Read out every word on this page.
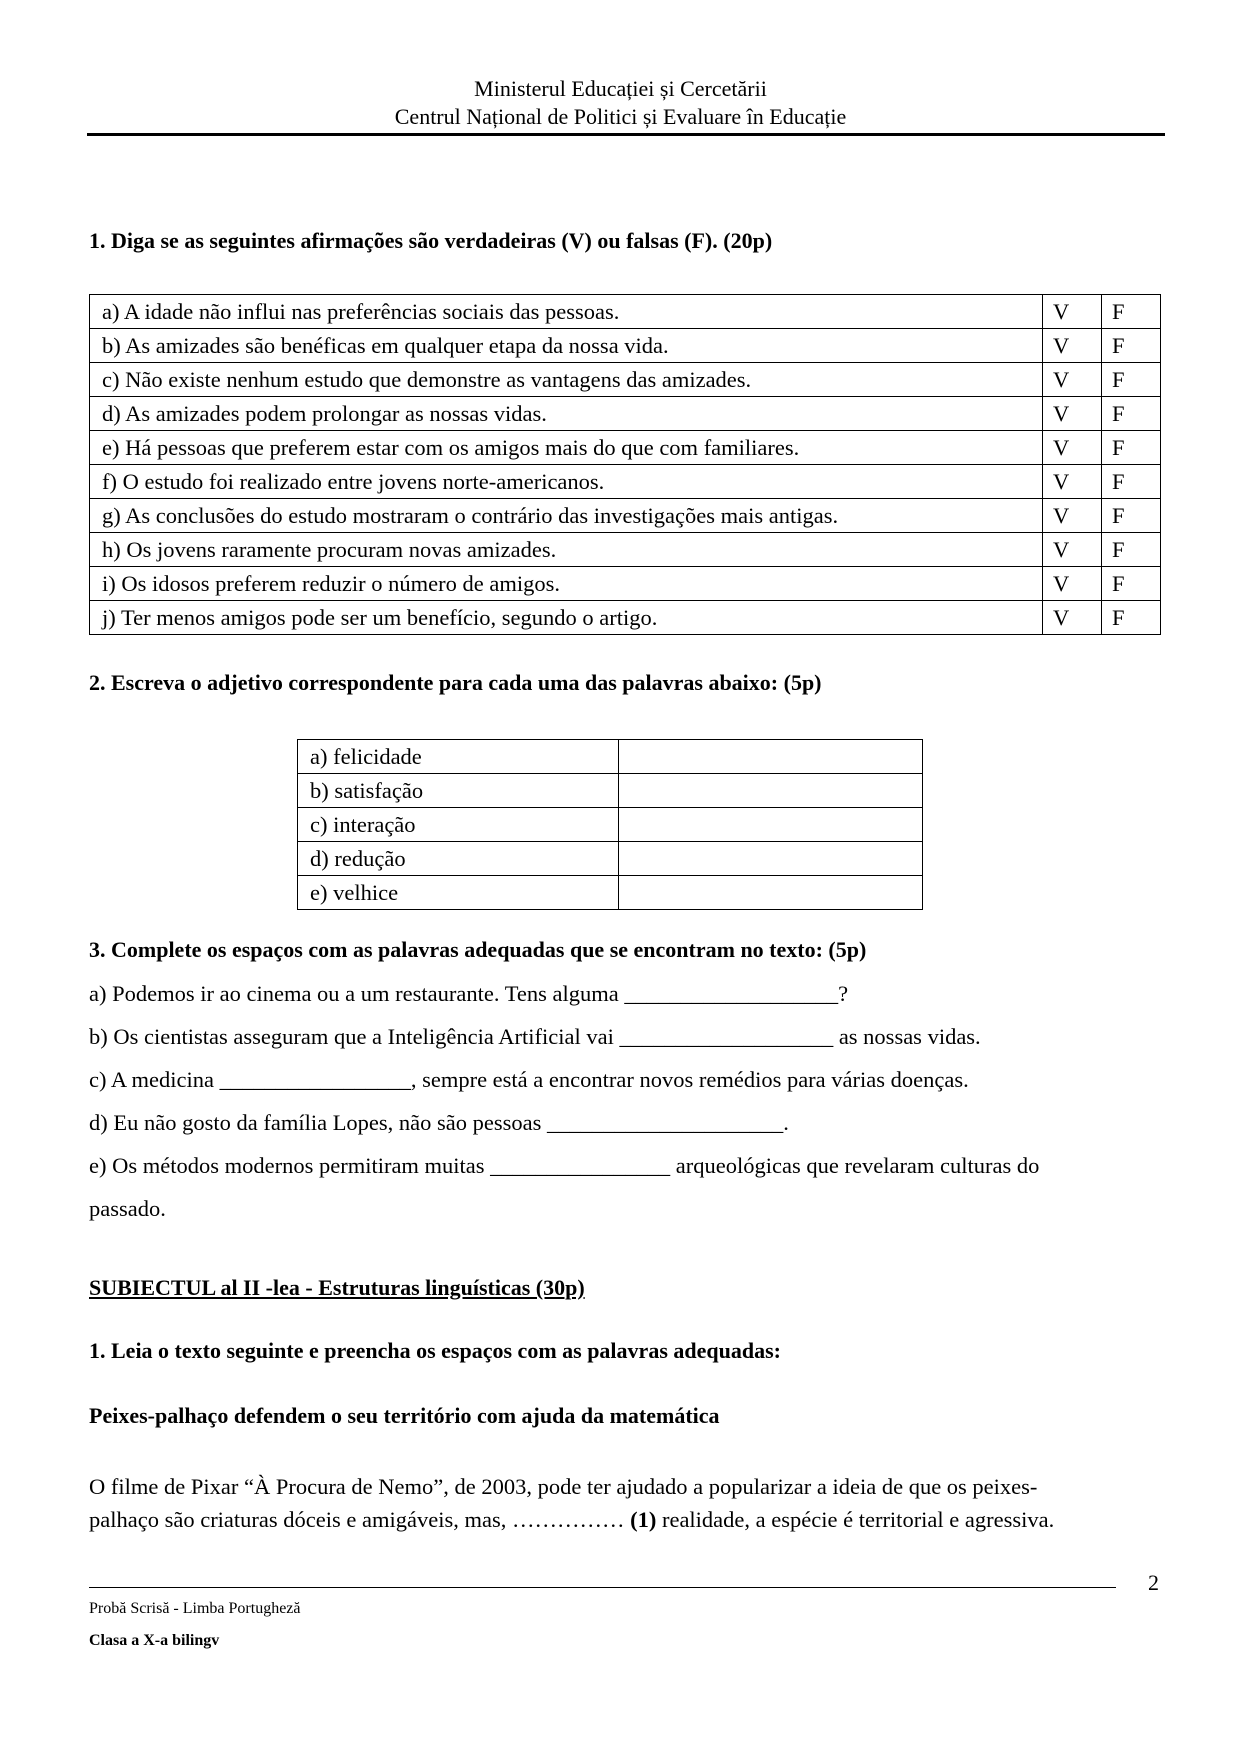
Ministerul Educației și Cercetării
Centrul Național de Politici și Evaluare în Educație
1. Diga se as seguintes afirmações são verdadeiras (V) ou falsas (F). (20p)
a) A idade não influi nas preferências sociais das pessoas.	V	F
b) As amizades são benéficas em qualquer etapa da nossa vida.	V	F
c) Não existe nenhum estudo que demonstre as vantagens das amizades.	V	F
d) As amizades podem prolongar as nossas vidas.	V	F
e) Há pessoas que preferem estar com os amigos mais do que com familiares.	V	F
f) O estudo foi realizado entre jovens norte-americanos.	V	F
g) As conclusões do estudo mostraram o contrário das investigações mais antigas.	V	F
h) Os jovens raramente procuram novas amizades.	V	F
i) Os idosos preferem reduzir o número de amigos.	V	F
j) Ter menos amigos pode ser um benefício, segundo o artigo.	V	F
2. Escreva o adjetivo correspondente para cada uma das palavras abaixo: (5p)
a) felicidade	
b) satisfação	
c) interação	
d) redução	
e) velhice	
3. Complete os espaços com as palavras adequadas que se encontram no texto: (5p)
a) Podemos ir ao cinema ou a um restaurante. Tens alguma ___________________?
b) Os cientistas asseguram que a Inteligência Artificial vai ___________________ as nossas vidas.
c) A medicina _________________, sempre está a encontrar novos remédios para várias doenças.
d) Eu não gosto da família Lopes, não são pessoas _____________________.
e) Os métodos modernos permitiram muitas ________________ arqueológicas que revelaram culturas do
passado.
SUBIECTUL al II -lea - Estruturas linguísticas (30p)
1. Leia o texto seguinte e preencha os espaços com as palavras adequadas:
Peixes-palhaço defendem o seu território com ajuda da matemática
O filme de Pixar “À Procura de Nemo”, de 2003, pode ter ajudado a popularizar a ideia de que os peixes-
palhaço são criaturas dóceis e amigáveis, mas, …………… (1) realidade, a espécie é territorial e agressiva.
2
Probă Scrisă - Limba Portugheză
Clasa a X-a bilingv
